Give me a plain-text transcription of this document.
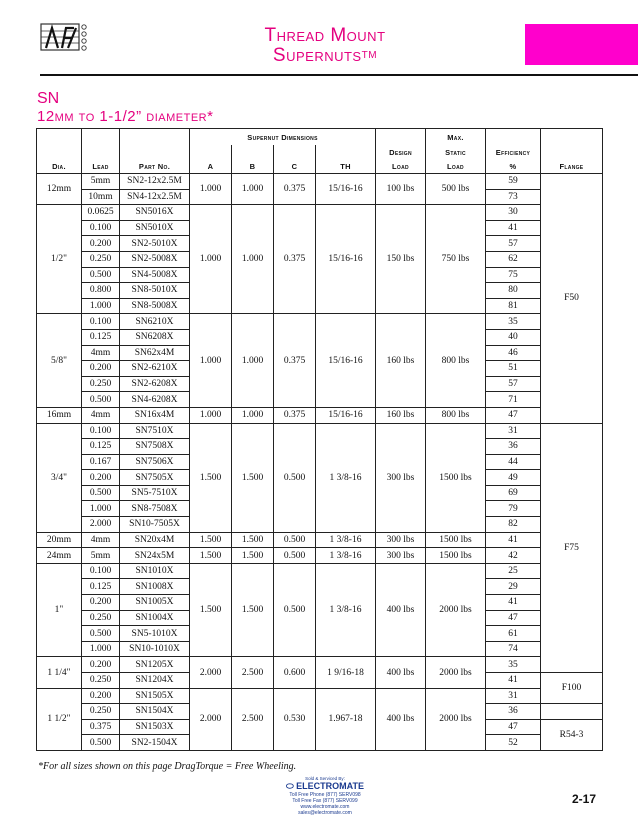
Thread Mount
Supernuts™
SN
12mm to 1-1/2” diameter*
			Supernut Dimensions					Max.		
							Design	Static	Efficiency	
Dia.	Lead	Part No.	A	B	C	TH	Load	Load	%	Flange
12mm	5mm	SN2-12x2.5M	1.000	1.000	0.375	15/16-16	100 lbs	500 lbs	59	F50
	10mm	SN4-12x2.5M							73	
1/2"	0.0625	SN5016X	1.000	1.000	0.375	15/16-16	150 lbs	750 lbs	30	
	0.100	SN5010X							41	
	0.200	SN2-5010X							57	
	0.250	SN2-5008X							62	
	0.500	SN4-5008X							75	
	0.800	SN8-5010X							80	
	1.000	SN8-5008X							81	
5/8"	0.100	SN6210X	1.000	1.000	0.375	15/16-16	160 lbs	800 lbs	35	
	0.125	SN6208X							40	
	4mm	SN62x4M							46	
	0.200	SN2-6210X							51	
	0.250	SN2-6208X							57	
	0.500	SN4-6208X							71	
16mm	4mm	SN16x4M	1.000	1.000	0.375	15/16-16	160 lbs	800 lbs	47	
3/4"	0.100	SN7510X	1.500	1.500	0.500	1 3/8-16	300 lbs	1500 lbs	31	F75
	0.125	SN7508X							36	
	0.167	SN7506X							44	
	0.200	SN7505X							49	
	0.500	SN5-7510X							69	
	1.000	SN8-7508X							79	
	2.000	SN10-7505X							82	
20mm	4mm	SN20x4M	1.500	1.500	0.500	1 3/8-16	300 lbs	1500 lbs	41	
24mm	5mm	SN24x5M	1.500	1.500	0.500	1 3/8-16	300 lbs	1500 lbs	42	
1"	0.100	SN1010X	1.500	1.500	0.500	1 3/8-16	400 lbs	2000 lbs	25	
	0.125	SN1008X							29	
	0.200	SN1005X							41	
	0.250	SN1004X							47	
	0.500	SN5-1010X							61	
	1.000	SN10-1010X							74	
1 1/4"	0.200	SN1205X	2.000	2.500	0.600	1 9/16-18	400 lbs	2000 lbs	35	
	0.250	SN1204X							41	F100
1 1/2"	0.200	SN1505X	2.000	2.500	0.530	1.967-18	400 lbs	2000 lbs	31	
	0.250	SN1504X							36	
	0.375	SN1503X							47	R54-3
	0.500	SN2-1504X							52	
*For all sizes shown on this page DragTorque = Free Wheeling.
Sold & Serviced By:
⬭ ELECTROMATE
Toll Free Phone (877) SERV098
Toll Free Fax (877) SERV099
www.electromate.com
sales@electromate.com
2-17
